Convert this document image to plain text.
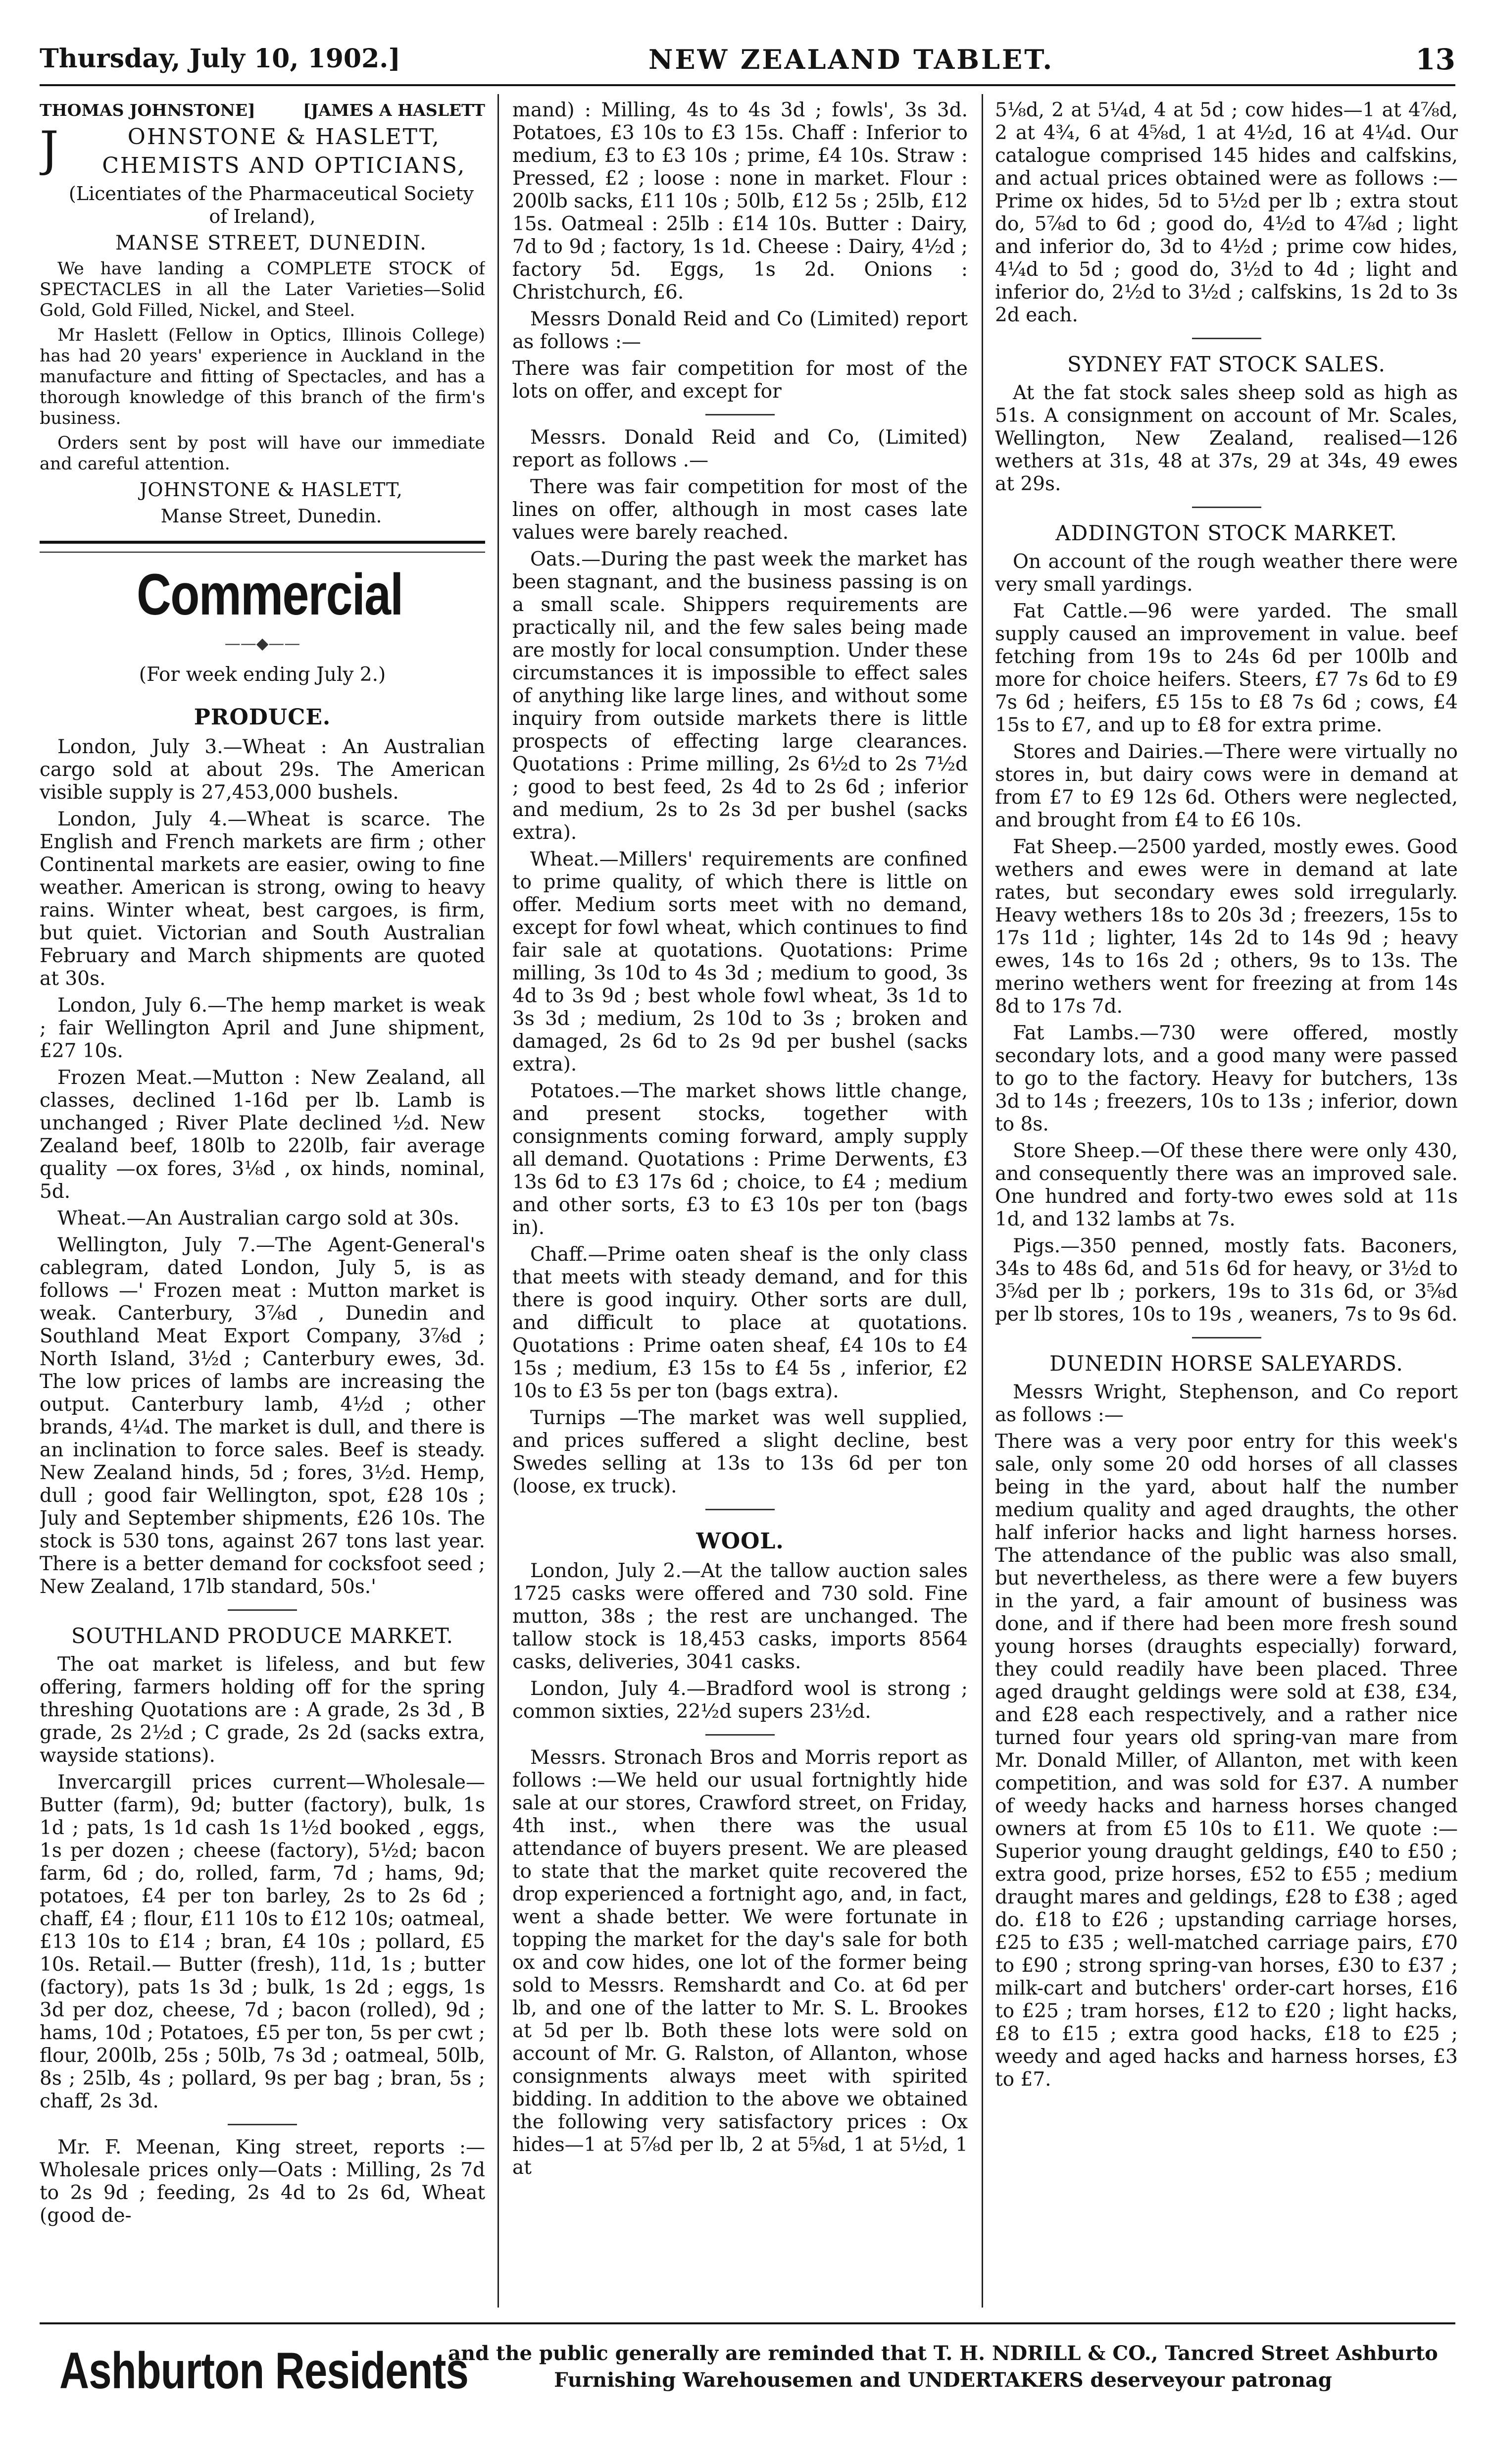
Thursday, July 10, 1902.]	NEW ZEALAND TABLET.	13
THOMAS JOHNSTONE]	[JAMES A HASLETT
J	OHNSTONE & HASLETT,

CHEMISTS AND OPTICIANS,

(Licentiates of the Pharmaceutical Society of Ireland),

MANSE STREET, DUNEDIN.

We have landing a COMPLETE STOCK of SPECTACLES in all the Later Varieties—Solid Gold, Gold Filled, Nickel, and Steel.

Mr Haslett (Fellow in Optics, Illinois College) has had 20 years' experience in Auckland in the manufacture and fitting of Spectacles, and has a thorough knowledge of this branch of the firm's business.

Orders sent by post will have our immediate and careful attention.

JOHNSTONE & HASLETT,

Manse Street, Dunedin.

Commercial

——◆——

(For week ending July 2.)

PRODUCE.

London, July 3.—Wheat : An Australian cargo sold at about 29s. The American visible supply is 27,453,000 bushels.

London, July 4.—Wheat is scarce. The English and French markets are firm ; other Continental markets are easier, owing to fine weather. American is strong, owing to heavy rains. Winter wheat, best cargoes, is firm, but quiet. Victorian and South Australian February and March shipments are quoted at 30s.

London, July 6.—The hemp market is weak ; fair Wellington April and June shipment, £27 10s.

Frozen Meat.—Mutton : New Zealand, all classes, declined 1-16d per lb. Lamb is unchanged ; River Plate declined ½d. New Zealand beef, 180lb to 220lb, fair average quality —ox fores, 3⅛d , ox hinds, nominal, 5d.

Wheat.—An Australian cargo sold at 30s.

Wellington, July 7.—The Agent-General's cablegram, dated London, July 5, is as follows —' Frozen meat : Mutton market is weak. Canterbury, 3⅞d , Dunedin and Southland Meat Export Company, 3⅞d ; North Island, 3½d ; Canterbury ewes, 3d. The low prices of lambs are increasing the output. Canterbury lamb, 4½d ; other brands, 4¼d. The market is dull, and there is an inclination to force sales. Beef is steady. New Zealand hinds, 5d ; fores, 3½d. Hemp, dull ; good fair Wellington, spot, £28 10s ; July and September shipments, £26 10s. The stock is 530 tons, against 267 tons last year. There is a better demand for cocksfoot seed ; New Zealand, 17lb standard, 50s.'

SOUTHLAND PRODUCE MARKET.

The oat market is lifeless, and but few offering, farmers holding off for the spring threshing Quotations are : A grade, 2s 3d , B grade, 2s 2½d ; C grade, 2s 2d (sacks extra, wayside stations).

Invercargill prices current—Wholesale—Butter (farm), 9d; butter (factory), bulk, 1s 1d ; pats, 1s 1d cash 1s 1½d booked , eggs, 1s per dozen ; cheese (factory), 5½d; bacon farm, 6d ; do, rolled, farm, 7d ; hams, 9d; potatoes, £4 per ton barley, 2s to 2s 6d ; chaff, £4 ; flour, £11 10s to £12 10s; oatmeal, £13 10s to £14 ; bran, £4 10s ; pollard, £5 10s. Retail.— Butter (fresh), 11d, 1s ; butter (factory), pats 1s 3d ; bulk, 1s 2d ; eggs, 1s 3d per doz, cheese, 7d ; bacon (rolled), 9d ; hams, 10d ; Potatoes, £5 per ton, 5s per cwt ; flour, 200lb, 25s ; 50lb, 7s 3d ; oatmeal, 50lb, 8s ; 25lb, 4s ; pollard, 9s per bag ; bran, 5s ; chaff, 2s 3d.

Mr. F. Meenan, King street, reports :—Wholesale prices only—Oats : Milling, 2s 7d to 2s 9d ; feeding, 2s 4d to 2s 6d, Wheat (good de-

mand) : Milling, 4s to 4s 3d ; fowls', 3s 3d. Potatoes, £3 10s to £3 15s. Chaff : Inferior to medium, £3 to £3 10s ; prime, £4 10s. Straw : Pressed, £2 ; loose : none in market. Flour : 200lb sacks, £11 10s ; 50lb, £12 5s ; 25lb, £12 15s. Oatmeal : 25lb : £14 10s. Butter : Dairy, 7d to 9d ; factory, 1s 1d. Cheese : Dairy, 4½d ; factory 5d. Eggs, 1s 2d. Onions : Christchurch, £6.

Messrs Donald Reid and Co (Limited) report as follows :—

There was fair competition for most of the lots on offer, and except for

Messrs. Donald Reid and Co, (Limited) report as follows .—

There was fair competition for most of the lines on offer, although in most cases late values were barely reached.

Oats.—During the past week the market has been stagnant, and the business passing is on a small scale. Shippers requirements are practically nil, and the few sales being made are mostly for local consumption. Under these circumstances it is impossible to effect sales of anything like large lines, and without some inquiry from outside markets there is little prospects of effecting large clearances. Quotations : Prime milling, 2s 6½d to 2s 7½d ; good to best feed, 2s 4d to 2s 6d ; inferior and medium, 2s to 2s 3d per bushel (sacks extra).

Wheat.—Millers' requirements are confined to prime quality, of which there is little on offer. Medium sorts meet with no demand, except for fowl wheat, which continues to find fair sale at quotations. Quotations: Prime milling, 3s 10d to 4s 3d ; medium to good, 3s 4d to 3s 9d ; best whole fowl wheat, 3s 1d to 3s 3d ; medium, 2s 10d to 3s ; broken and damaged, 2s 6d to 2s 9d per bushel (sacks extra).

Potatoes.—The market shows little change, and present stocks, together with consignments coming forward, amply supply all demand. Quotations : Prime Derwents, £3 13s 6d to £3 17s 6d ; choice, to £4 ; medium and other sorts, £3 to £3 10s per ton (bags in).

Chaff.—Prime oaten sheaf is the only class that meets with steady demand, and for this there is good inquiry. Other sorts are dull, and difficult to place at quotations. Quotations : Prime oaten sheaf, £4 10s to £4 15s ; medium, £3 15s to £4 5s , inferior, £2 10s to £3 5s per ton (bags extra).

Turnips —The market was well supplied, and prices suffered a slight decline, best Swedes selling at 13s to 13s 6d per ton (loose, ex truck).

WOOL.

London, July 2.—At the tallow auction sales 1725 casks were offered and 730 sold. Fine mutton, 38s ; the rest are unchanged. The tallow stock is 18,453 casks, imports 8564 casks, deliveries, 3041 casks.

London, July 4.—Bradford wool is strong ; common sixties, 22½d supers 23½d.

Messrs. Stronach Bros and Morris report as follows :—We held our usual fortnightly hide sale at our stores, Crawford street, on Friday, 4th inst., when there was the usual attendance of buyers present. We are pleased to state that the market quite recovered the drop experienced a fortnight ago, and, in fact, went a shade better. We were fortunate in topping the market for the day's sale for both ox and cow hides, one lot of the former being sold to Messrs. Remshardt and Co. at 6d per lb, and one of the latter to Mr. S. L. Brookes at 5d per lb. Both these lots were sold on account of Mr. G. Ralston, of Allanton, whose consignments always meet with spirited bidding. In addition to the above we obtained the following very satisfactory prices : Ox hides—1 at 5⅞d per lb, 2 at 5⅝d, 1 at 5½d, 1 at

5⅛d, 2 at 5¼d, 4 at 5d ; cow hides—1 at 4⅞d, 2 at 4¾, 6 at 4⅝d, 1 at 4½d, 16 at 4¼d. Our catalogue comprised 145 hides and calfskins, and actual prices obtained were as follows :—Prime ox hides, 5d to 5½d per lb ; extra stout do, 5⅞d to 6d ; good do, 4½d to 4⅞d ; light and inferior do, 3d to 4½d ; prime cow hides, 4¼d to 5d ; good do, 3½d to 4d ; light and inferior do, 2½d to 3½d ; calfskins, 1s 2d to 3s 2d each.

SYDNEY FAT STOCK SALES.

At the fat stock sales sheep sold as high as 51s. A consignment on account of Mr. Scales, Wellington, New Zealand, realised—126 wethers at 31s, 48 at 37s, 29 at 34s, 49 ewes at 29s.

ADDINGTON STOCK MARKET.

On account of the rough weather there were very small yardings.

Fat Cattle.—96 were yarded. The small supply caused an improvement in value. beef fetching from 19s to 24s 6d per 100lb and more for choice heifers. Steers, £7 7s 6d to £9 7s 6d ; heifers, £5 15s to £8 7s 6d ; cows, £4 15s to £7, and up to £8 for extra prime.

Stores and Dairies.—There were virtually no stores in, but dairy cows were in demand at from £7 to £9 12s 6d. Others were neglected, and brought from £4 to £6 10s.

Fat Sheep.—2500 yarded, mostly ewes. Good wethers and ewes were in demand at late rates, but secondary ewes sold irregularly. Heavy wethers 18s to 20s 3d ; freezers, 15s to 17s 11d ; lighter, 14s 2d to 14s 9d ; heavy ewes, 14s to 16s 2d ; others, 9s to 13s. The merino wethers went for freezing at from 14s 8d to 17s 7d.

Fat Lambs.—730 were offered, mostly secondary lots, and a good many were passed to go to the factory. Heavy for butchers, 13s 3d to 14s ; freezers, 10s to 13s ; inferior, down to 8s.

Store Sheep.—Of these there were only 430, and consequently there was an improved sale. One hundred and forty-two ewes sold at 11s 1d, and 132 lambs at 7s.

Pigs.—350 penned, mostly fats. Baconers, 34s to 48s 6d, and 51s 6d for heavy, or 3½d to 3⅝d per lb ; porkers, 19s to 31s 6d, or 3⅝d per lb stores, 10s to 19s , weaners, 7s to 9s 6d.

DUNEDIN HORSE SALEYARDS.

Messrs Wright, Stephenson, and Co report as follows :—

There was a very poor entry for this week's sale, only some 20 odd horses of all classes being in the yard, about half the number medium quality and aged draughts, the other half inferior hacks and light harness horses. The attendance of the public was also small, but nevertheless, as there were a few buyers in the yard, a fair amount of business was done, and if there had been more fresh sound young horses (draughts especially) forward, they could readily have been placed. Three aged draught geldings were sold at £38, £34, and £28 each respectively, and a rather nice turned four years old spring-van mare from Mr. Donald Miller, of Allanton, met with keen competition, and was sold for £37. A number of weedy hacks and harness horses changed owners at from £5 10s to £11. We quote :—Superior young draught geldings, £40 to £50 ; extra good, prize horses, £52 to £55 ; medium draught mares and geldings, £28 to £38 ; aged do. £18 to £26 ; upstanding carriage horses, £25 to £35 ; well-matched carriage pairs, £70 to £90 ; strong spring-van horses, £30 to £37 ; milk-cart and butchers' order-cart horses, £16 to £25 ; tram horses, £12 to £20 ; light hacks, £8 to £15 ; extra good hacks, £18 to £25 ; weedy and aged hacks and harness horses, £3 to £7.

Ashburton Residents
and the public generally are reminded that T. H. NDRILL & CO., Tancred Street Ashburto
Furnishing Warehousemen and UNDERTAKERS deserveyour patronag
